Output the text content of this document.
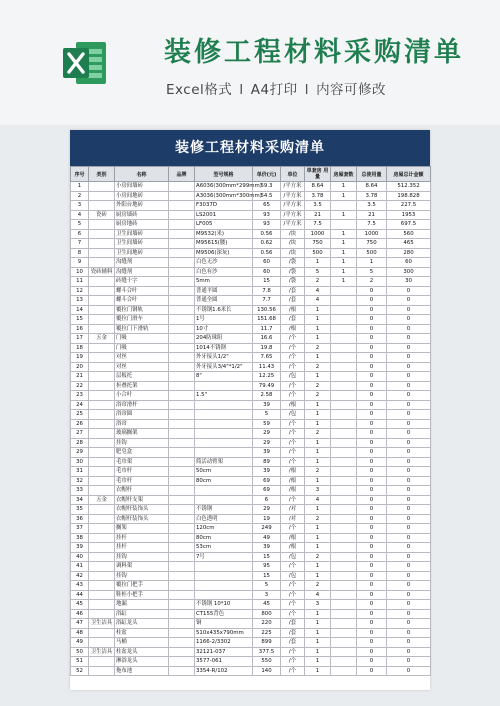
装修工程材料采购清单
Excel格式 I A4打印 I 内容可修改
装修工程材料采购清单
序号	类别	名称	品牌	型号规格	单价(元)	单位	单套房 用量	房屋套数	总使用量	房屋总计金额
1		小房间墙砖		A6036(300mm*299mm)	59.3	/平方米	8.64	1	8.64	512.352
2		小房间地砖		A3036(300mm*300mm)	54.5	/平方米	3.78	1	3.78	198.828
3		外阳台地砖		F3037D	65	/平方米	3.5		3.5	227.5
4	瓷砖	厨房墙砖		LS2001	93	/平方米	21	1	21	1953
5		厨房地砖		LF005	93	/平方米	7.5		7.5	697.5
6		卫生间墙砖		M9532(米)	0.56	/块	1000	1	1000	560
7		卫生间墙砖		M95615(腰)	0.62	/块	750	1	750	465
8		卫生间地砖		M9506(深灰)	0.56	/块	500	1	500	280
9		沟缝剂		白色无沙	60	/袋	1	1	1	60
10	瓷砖辅料	沟缝剂		白色有沙	60	/袋	5	1	5	300
11		砖缝十字		5mm	15	/袋	2	1	2	30
12		螺斗合叶		普通平圆	7.8	/套	4		0	0
13		螺斗合叶		普通全圆	7.7	/套	4		0	0
14		覆拉门钢轨		不锈钢1.6米长	130.56	/根	1		0	0
15		覆拉门滑车		1号	151.68	/套	1		0	0
16		覆拉门下滑轨		10寸	11.7	/根	1		0	0
17	五金	门吸		204防珠阻	16.6	/个	1		0	0
18		门吸		1014不锈钢	19.8	/个	2		0	0
19		对丝		外牙接头1/2"	7.65	/个	1		0	0
20		对丝		外牙接头3/4"*1/2"	11.43	/个	2		0	0
21		层板托		8"	12.25	/包	1		0	0
22		折叠托架			79.49	/个	2		0	0
23		小合叶		1.5"	2.58	/个	2		0	0
24		浴帘滑杆			39	/根	1		0	0
25		浴帘圈			5	/包	1		0	0
26		浴帘			59	/个	1		0	0
27		玻璃搁架			29	/个	2		0	0
28		挂钩			29	/个	1		0	0
29		肥皂盒			39	/个	1		0	0
30		毛巾架		简活动臂架	89	/个	1		0	0
31		毛巾杆		50cm	39	/根	2		0	0
32		毛巾杆		80cm	69	/根	1		0	0
33		衣帽杆			69	/根	3		0	0
34	五金	衣帽杆支架			6	/个	4		0	0
35		衣帽杆装饰头		不锈钢	29	/对	1		0	0
36		衣帽杆装饰头		白色透明	19	/对	2		0	0
37		搁架		120cm	249	/个	1		0	0
38		挂杆		80cm	49	/根	1		0	0
39		挂杆		53cm	39	/根	1		0	0
40		挂钩		7号	15	/包	2		0	0
41		调料架			95	/个	1		0	0
42		挂钩			15	/包	1		0	0
43		覆拉门把手			5	/个	2		0	0
44		鞋柜小把手			3	/个	4		0	0
45		地漏		不锈钢 10*10	45	/个	3		0	0
46		浴缸		CT155背色	800	/个	1		0	0
47	卫生洁具	浴缸龙头		铜	220	/套	1		0	0
48		柱盆		510x435x790mm	225	/套	1		0	0
49		马桶		1166-2/3302	899	/套	1		0	0
50	卫生洁具	柱盆龙头		32121-037	377.5	/个	1		0	0
51		淋浴龙头		3577-061	550	/个	1		0	0
52		拖布池		3354-R/102	140	/个	1		0	0
